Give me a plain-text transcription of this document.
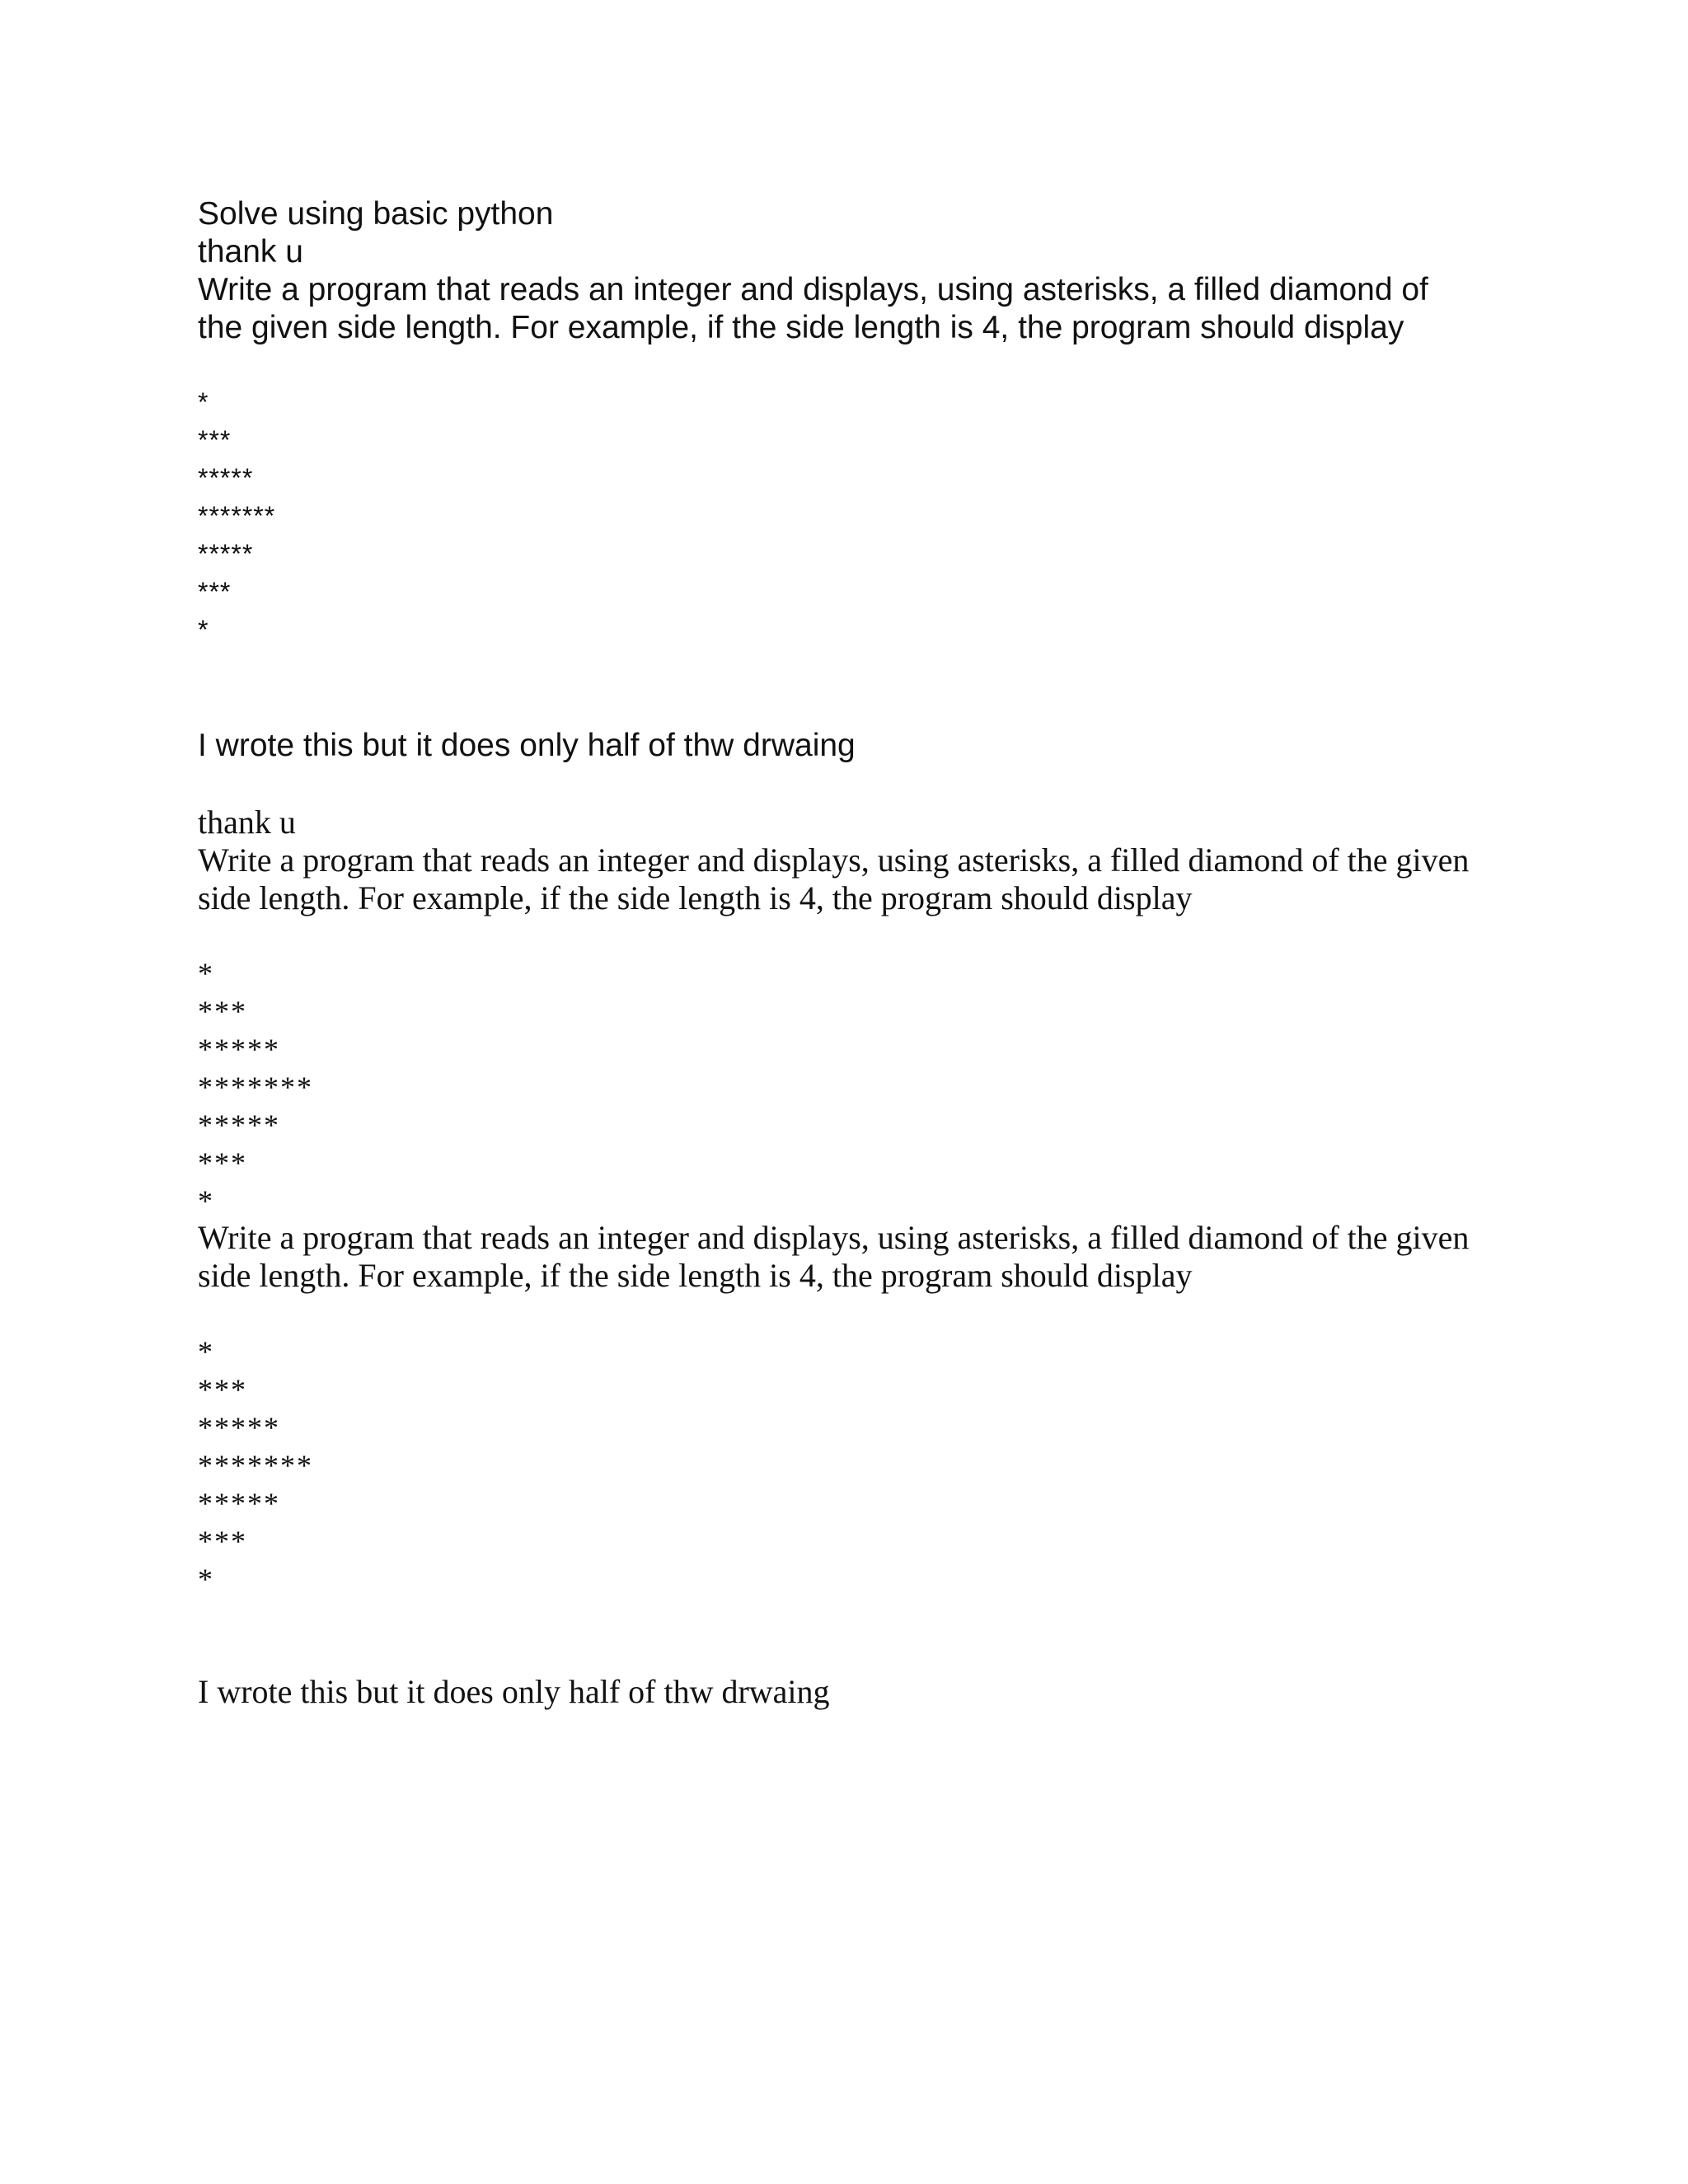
Solve using basic python
thank u
Write a program that reads an integer and displays, using asterisks, a filled diamond of
the given side length. For example, if the side length is 4, the program should display
*
***
*****
*******
*****
***
*
I wrote this but it does only half of thw drwaing
thank u
Write a program that reads an integer and displays, using asterisks, a filled diamond of the given
side length. For example, if the side length is 4, the program should display
*
***
*****
*******
*****
***
*
Write a program that reads an integer and displays, using asterisks, a filled diamond of the given
side length. For example, if the side length is 4, the program should display
*
***
*****
*******
*****
***
*
I wrote this but it does only half of thw drwaing
